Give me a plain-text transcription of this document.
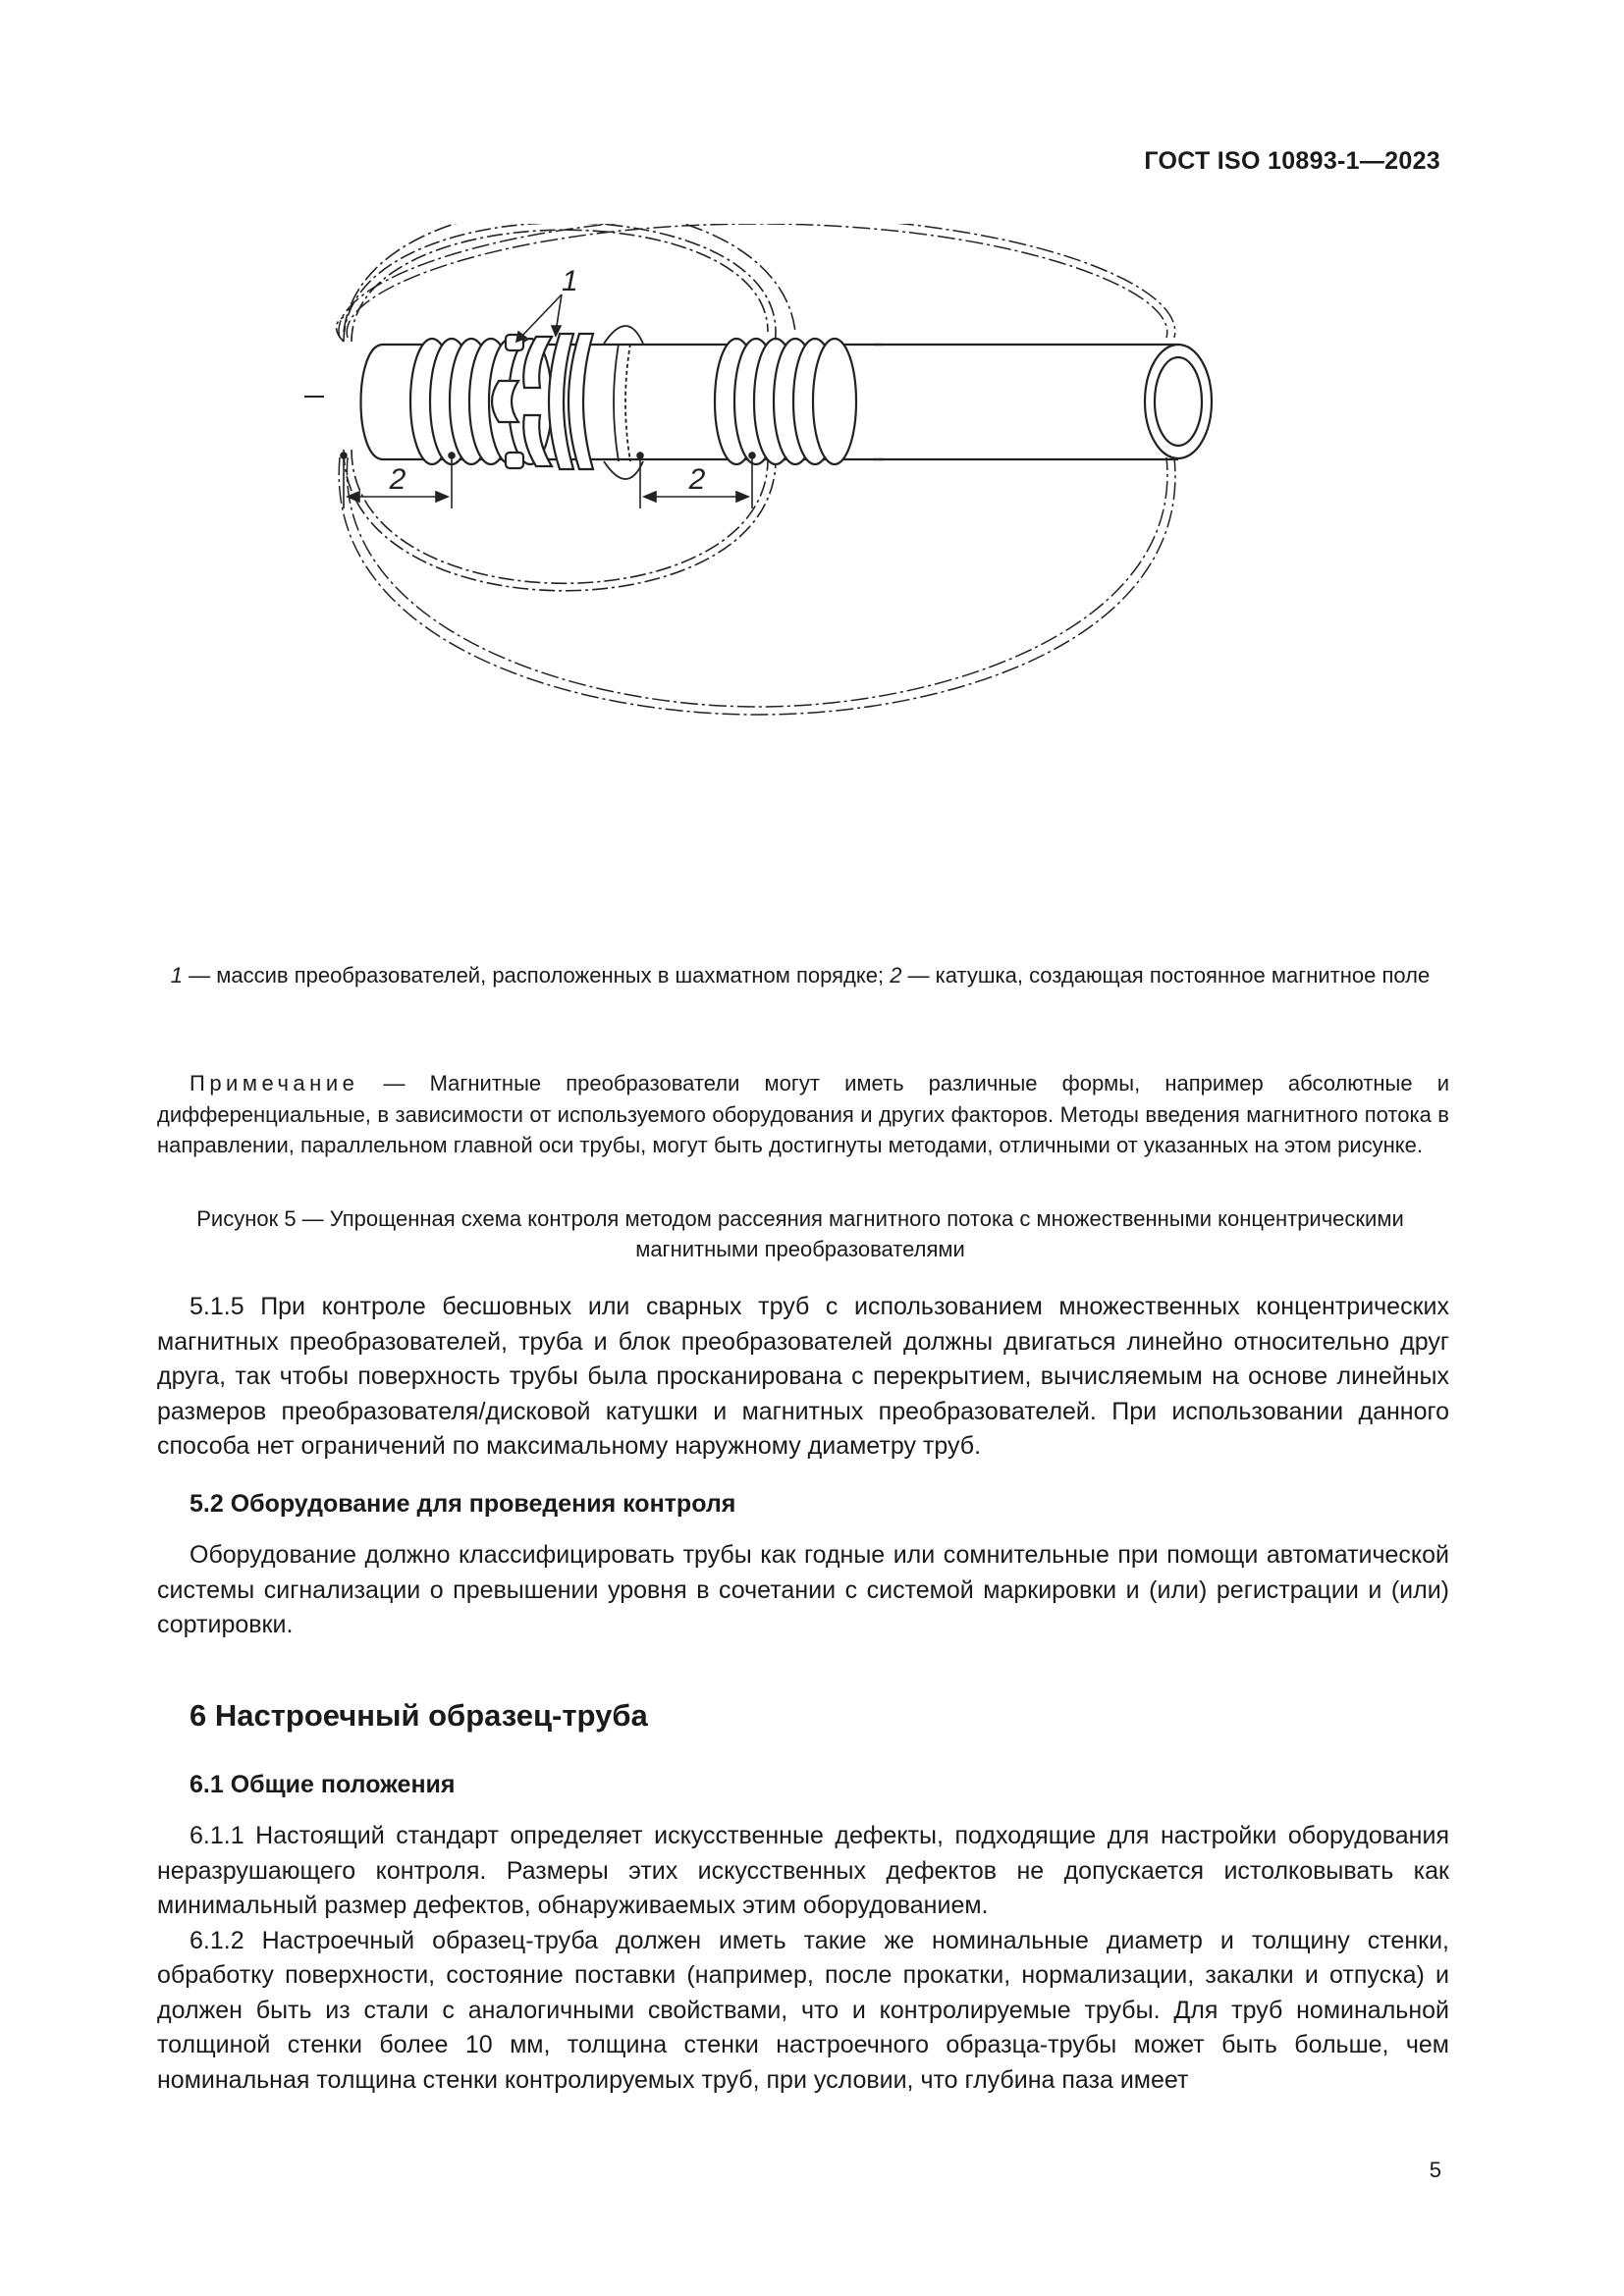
ГОСТ ISO 10893-1—2023
1
2	2
1 — массив преобразователей, расположенных в шахматном порядке; 2 — катушка, создающая постоянное магнитное поле
Примечание — Магнитные преобразователи могут иметь различные формы, например абсолютные и дифференциальные, в зависимости от используемого оборудования и других факторов. Методы введения магнитного потока в направлении, параллельном главной оси трубы, могут быть достигнуты методами, отличными от указанных на этом рисунке.
Рисунок 5 — Упрощенная схема контроля методом рассеяния магнитного потока с множественными концентрическими магнитными преобразователями

5.1.5 При контроле бесшовных или сварных труб с использованием множественных концентрических магнитных преобразователей, труба и блок преобразователей должны двигаться линейно относительно друг друга, так чтобы поверхность трубы была просканирована с перекрытием, вычисляемым на основе линейных размеров преобразователя/дисковой катушки и магнитных преобразователей. При использовании данного способа нет ограничений по максимальному наружному диаметру труб.

5.2 Оборудование для проведения контроля

Оборудование должно классифицировать трубы как годные или сомнительные при помощи автоматической системы сигнализации о превышении уровня в сочетании с системой маркировки и (или) регистрации и (или) сортировки.

6 Настроечный образец-труба
6.1 Общие положения

6.1.1 Настоящий стандарт определяет искусственные дефекты, подходящие для настройки оборудования неразрушающего контроля. Размеры этих искусственных дефектов не допускается истолковывать как минимальный размер дефектов, обнаруживаемых этим оборудованием.

6.1.2 Настроечный образец-труба должен иметь такие же номинальные диаметр и толщину стенки, обработку поверхности, состояние поставки (например, после прокатки, нормализации, закалки и отпуска) и должен быть из стали с аналогичными свойствами, что и контролируемые трубы. Для труб номинальной толщиной стенки более 10 мм, толщина стенки настроечного образца-трубы может быть больше, чем номинальная толщина стенки контролируемых труб, при условии, что глубина паза имеет

5
